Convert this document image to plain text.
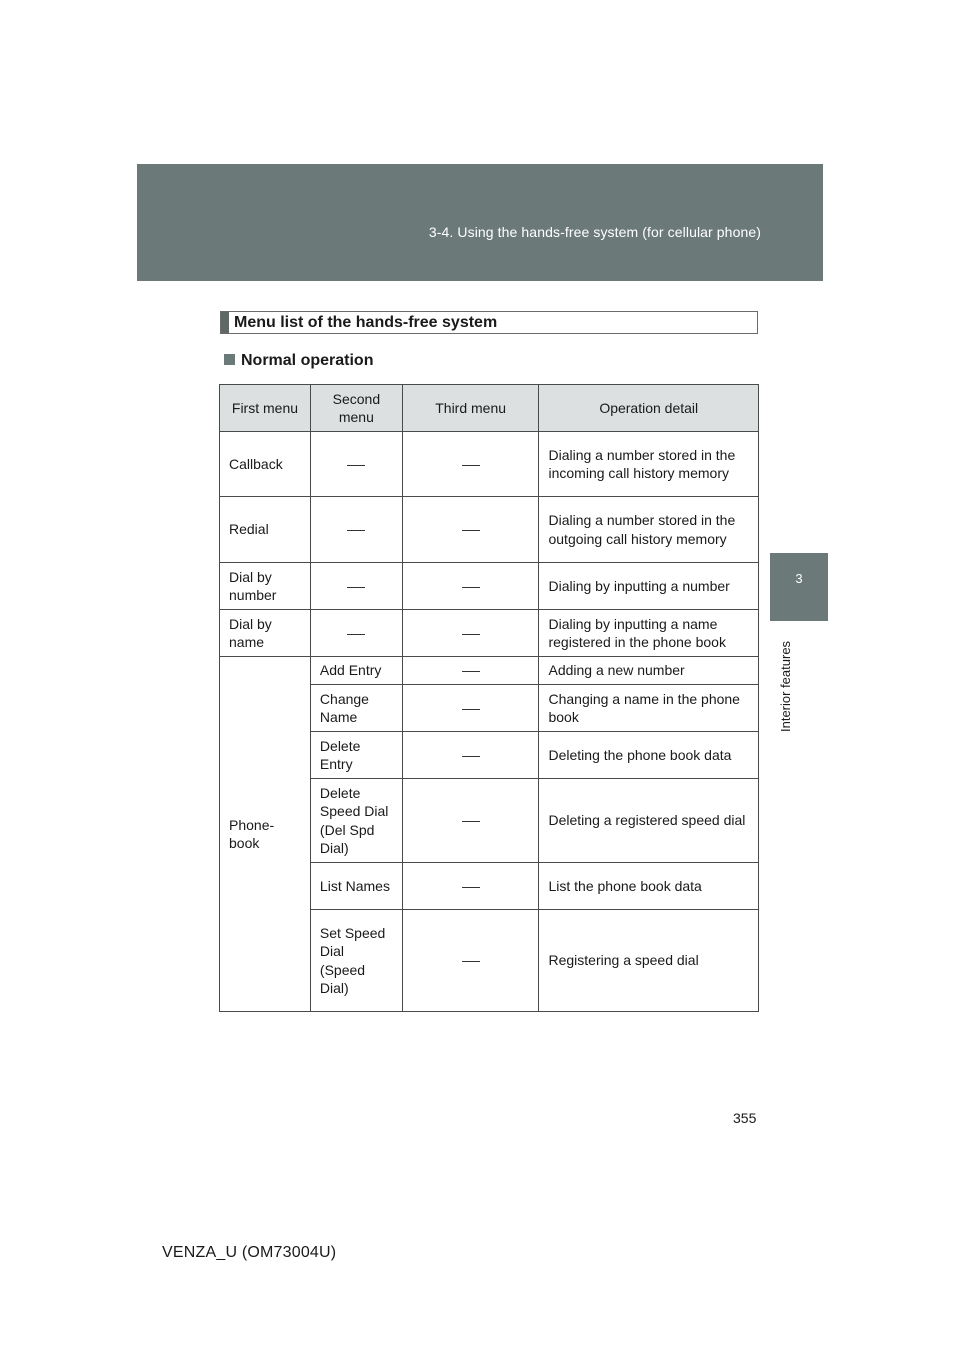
3-4. Using the hands-free system (for cellular phone)
3
Interior features
Menu list of the hands-free system
Normal operation
First menu	Second menu	Third menu	Operation detail
Callback			Dialing a number stored in the incoming call history memory
Redial			Dialing a number stored in the outgoing call history memory
Dial by number			Dialing by inputting a number
Dial by name			Dialing by inputting a name registered in the phone book
Phone-book	Add Entry		Adding a new number
	Change Name		Changing a name in the phone book
	Delete Entry		Deleting the phone book data
	Delete Speed Dial (Del Spd Dial)		Deleting a registered speed dial
	List Names		List the phone book data
	Set Speed Dial (Speed Dial)		Registering a speed dial
355
VENZA_U (OM73004U)
